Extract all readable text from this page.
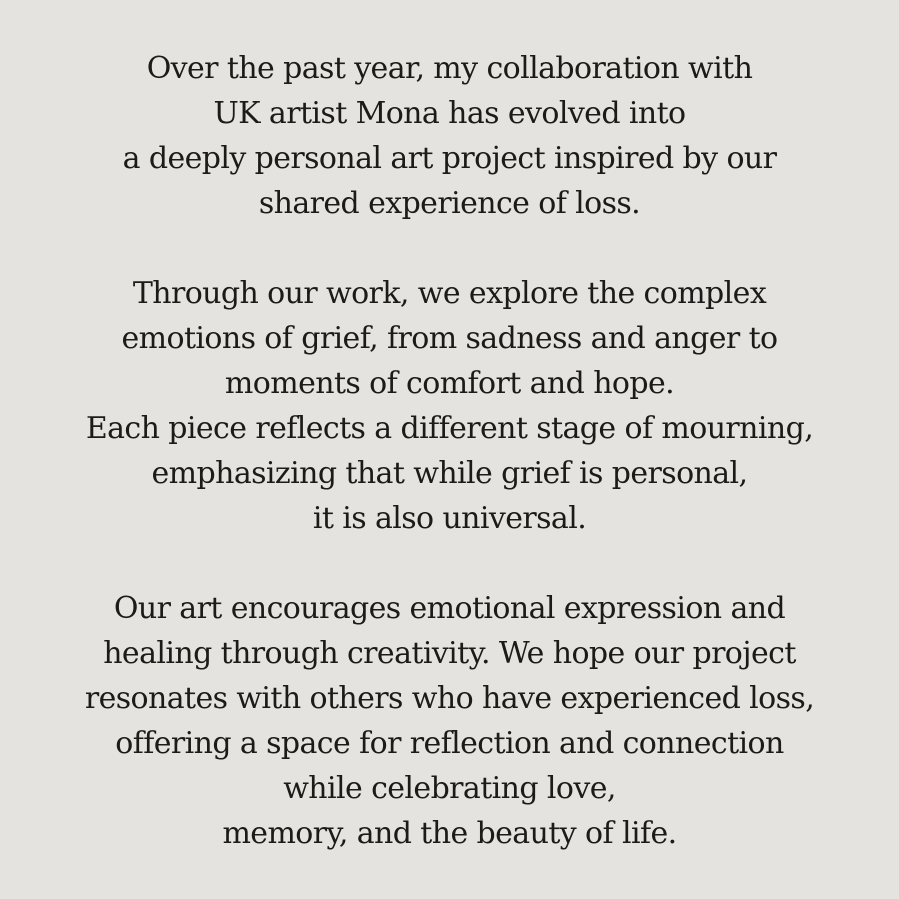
Over the past year, my collaboration with
UK artist Mona has evolved into
a deeply personal art project inspired by our
shared experience of loss.

Through our work, we explore the complex
emotions of grief, from sadness and anger to
moments of comfort and hope.
Each piece reflects a different stage of mourning,
emphasizing that while grief is personal,
it is also universal.

Our art encourages emotional expression and
healing through creativity. We hope our project
resonates with others who have experienced loss,
offering a space for reflection and connection
while celebrating love,
memory, and the beauty of life.
